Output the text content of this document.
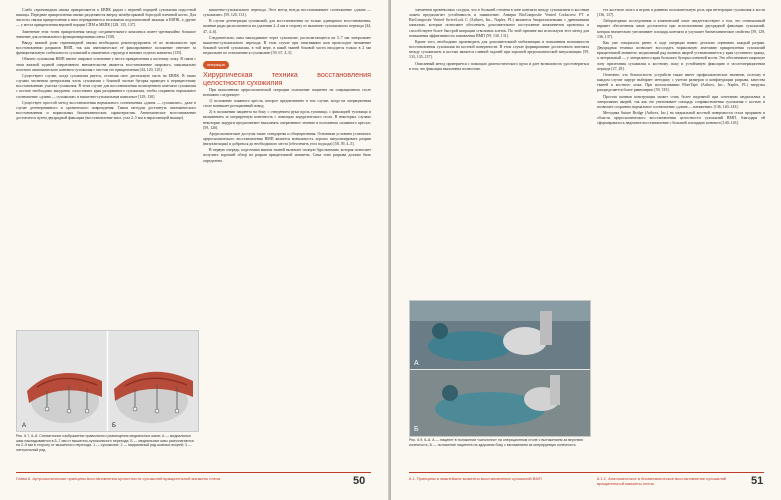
Слабо сероновидная связка прикрепляется к БВПК рядом с верхней порцией сухожилия подостной мышцы. Передние прикрепления связки разделяются вверху межбугорковой бороздой плечевой кости. Для чистоты связки прикрепления к ним перекрываются волокнами подлопаточной мышцы и БВПК, а другие — у места прикрепления верхней порции СПМ и МБПК [128, 135, 137].

Заменение этих точек прикрепления между соединительного комплекса имеет чрезвычайно большое значение для оптимального функционирования плеча [130].

Ввиду важной роли сероновидной связки необходимо реконструировать её по возможности при восстановлении разрывов ВМП, так как анатомическое её фиксированное положение отвечает за функциональную стабильность сухожилий и мышечных структур в нижних отделах манжеты [135].

Обычно сухожилия ВМП имеют широкое основание у места прикрепления к костному ложу. В связи с этим важной задачей оперативного вмешательства является восстановление широкого, максимально плотного анатомического контакта сухожилия с местом его прикрепления [44, 120, 125].

Существуют случаи, когда сухожилия рвутся, оставляя свое дистальную часть на БВПК. В таких случаях частичная центральная часть сухожилия с боковой частью бугорка приведет к перекрестному восстановлению участка сухожилия. В этом случае для восстановления полноценного контакта сухожилия с костью необходимо аккуратно сопоставить края разорванного сухожилия, чтобы сохранить нормальное соотношение «длина — сухожилие» в мышечно-сухожильном комплексе [129, 130].

Существует простой метод восстановления нормального соотношения «длина — сухожилие», даже в случае дегенеративного и хронического повреждения. Таким методом достигнуть анатомического восстановления и нормальных биомеханических характеристик. Анатомическое восстановление достигается путем двухрядной фиксации (восстановление эпиз. узла 2–5 мм в нарастающей мышце).

мышечно-сухожильного перехода. Этот метод всегда восстанавливает соотношение «длина — сухожилие» [59, 120, 131].

В случае дегенерации сухожилий, для восстановления по только одинарного восстановления, шовные ряды располагаются на удалении 2–4 мм в сторону от мышечно-сухожильного перехода [44, 47, 4–6].

Следовательно, швы накладывают через сухожилие, располагающееся на 5–7 мм латеральнее мышечно-сухожильного перехода. В этом случае при затягивании шов происходит натяжение боковой частей сухожилия, в той мере, в какой тканей боковой части находится только в 2 мм медиальнее по отношению к сухожилию [59, 67, 4–5].

операция

Хирургическая техника восстановления целостности сухожилия

При выполнении артроскопической операции положение пациента на операционном столе возможно следующее:

1) положение пляжного кресла, которое предназначено в том случае, когда на операционном столе возникает ротационный повод;

2) в положении пациента на боку с отведением руки вдоль туловища, с фиксацией туловища и вытяжением за оперируемую конечность с помощью хирургического стола. В некоторых случаях некоторые хирурги предпочитают выполнять оперативное лечение в положении «пляжного кресла» [59, 126].

Артроскопические доступы такие стандартны и общепризнаны. Основным условием успешного артроскопического восстановления ВМП является возможность хорошо визуализировать разрыв (визуализация) и добраться до необходимого места (обеспечить угол подхода) [58, 59, 4–5].

В первую очередь, подготовка мягких тканей включает полную бурсэктомию, которая позволяет получить хороший обзор на разрыв вращательной манжеты. Сама зона разрыва должна быть определена.

А	Б
Рис. 6.7, 6–8. Схематичное изображение правильного размещения медиальных швов: А — медиальные швы накладываются в 5–7 мм от мышечно-сухожильного перехода; Б — медиальные швы располагаются на 2–5 мм в сторону от мышечного перехода. 1 — сухожилие; 2 — медиальный ряд шовных якорей; 3 — латеральный ряд
Глава 6. Артроскопические принципы восстановления целостности сухожилий вращательной манжеты плеча	50

элементов кровеносных сосудов, что в большей степени в зоне контакта между сухожилием и костным ложем предполагает устойчивость и заживление. Анкеры BioComposite Vented Corkscrew FT и BioComposite Vented SwiveLock C (Arthrex, Inc., Naples, FL) являются биоразлагаемыми с дренажными каналами, которые позволяют обеспечить дополнительное поступление компонентов кровотока и способствуют более быстрой миграции стволовых клеток. По этой причине мы используем этот метод для повышения эффективности заживления ВМП [59, 130, 131].

Кроме того, необходимо производить для дополнительной мобилизации и повышения возможности восстановления сухожилия на костной поверхности. В этом случае формирование достаточного контакта между сухожилием и костью является главной задачей при хорошей артроскопической визуализации [59, 133, 135–137].

Описанный метод проверяется с помощью диагностического щупа и дает возможность удостовериться в том, что фиксация выполнена полностью.

тех костного мозга и играть в раннюю положительную роль при интеграции сухожилия к кости [136, 137].

Лабораторные исследования и клинический опыт свидетельствуют о том, что оптимальный вариант обеспечения швов достигается при использовании двухрядной фиксации сухожилий, которая значительно увеличивает площадь контакта и улучшает биомеханические свойства [59, 129, 136, 137].

Как уже говорилось ранее, в ходе операции важно детально оценивать каждый разрыв. Двухрядная техника позволяет воссоздать нормальную анатомию прикрепления сухожилий вращательной манжеты: медиальный ряд шовных якорей устанавливается у края суставного хряща, а латеральный — у латерального края большого бугорка плечевой кости. Это обеспечивает широкую зону прилегания сухожилия к костному ложу и устойчивую фиксацию в послеоперационном периоде [27, 29].

Отмечено, что безопасность устройств также имеет профилактическое значение, поэтому в каждом случае хирург выбирает методику с учетом размеров и конфигурации разрыва, качества тканей и костного ложа. При использовании FiberTape (Arthrex, Inc., Naples, FL) нагрузка распределяется более равномерно [59, 135].

Простая шовная конструкция может стать более надежной при сочетании медиальных и латеральных якорей, так как это увеличивает площадь соприкосновения сухожилия с костью и позволяет сохранить нормальное соотношение «длина — натяжение» [136, 140–143].

Методика Suture Bridge (Arthrex, Inc.) на медиальной костной поверхности стала прорывом в области артроскопического восстановления целостности сухожилий ВМП, благодаря ей сформировалось надежное восстановление с большей площадью контакта [140–143].

А
Б
Рис. 6.9, 6–8. А — пациент в положении «шезлонга» на операционном столе с вытяжением за верхнюю конечность; Б — положение пациента на здоровом боку с вытяжением за оперируемую конечность
6.1. Принципы и важнейшие моменты восстановления сухожилий ВМП	6.1.2. Анатомическое и биомеханическое восстановление сухожилий вращательной манжеты плеча	51
